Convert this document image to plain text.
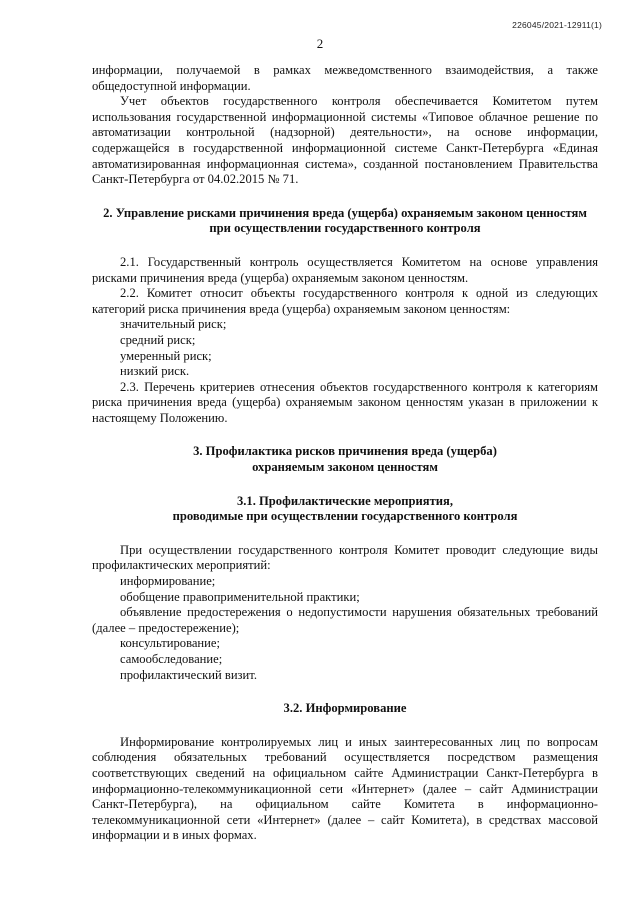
226045/2021-12911(1)
2

информации, получаемой в рамках межведомственного взаимодействия, а также общедоступной информации.

Учет объектов государственного контроля обеспечивается Комитетом путем использования государственной информационной системы «Типовое облачное решение по автоматизации контрольной (надзорной) деятельности», на основе информации, содержащейся в государственной информационной системе Санкт-Петербурга «Единая автоматизированная информационная система», созданной постановлением Правительства Санкт-Петербурга от 04.02.2015 № 71.

2. Управление рисками причинения вреда (ущерба) охраняемым законом ценностям

при осуществлении государственного контроля

2.1. Государственный контроль осуществляется Комитетом на основе управления рисками причинения вреда (ущерба) охраняемым законом ценностям.

2.2. Комитет относит объекты государственного контроля к одной из следующих категорий риска причинения вреда (ущерба) охраняемым законом ценностям:

значительный риск;

средний риск;

умеренный риск;

низкий риск.

2.3. Перечень критериев отнесения объектов государственного контроля к категориям риска причинения вреда (ущерба) охраняемым законом ценностям указан в приложении к настоящему Положению.

3. Профилактика рисков причинения вреда (ущерба)

охраняемым законом ценностям

3.1. Профилактические мероприятия,

проводимые при осуществлении государственного контроля

При осуществлении государственного контроля Комитет проводит следующие виды профилактических мероприятий:

информирование;

обобщение правоприменительной практики;

объявление предостережения о недопустимости нарушения обязательных требований (далее – предостережение);

консультирование;

самообследование;

профилактический визит.

3.2. Информирование

Информирование контролируемых лиц и иных заинтересованных лиц по вопросам соблюдения обязательных требований осуществляется посредством размещения соответствующих сведений на официальном сайте Администрации Санкт-Петербурга в информационно-телекоммуникационной сети «Интернет» (далее – сайт Администрации Санкт-Петербурга), на официальном сайте Комитета в информационно-телекоммуникационной сети «Интернет» (далее – сайт Комитета), в средствах массовой информации и в иных формах.
